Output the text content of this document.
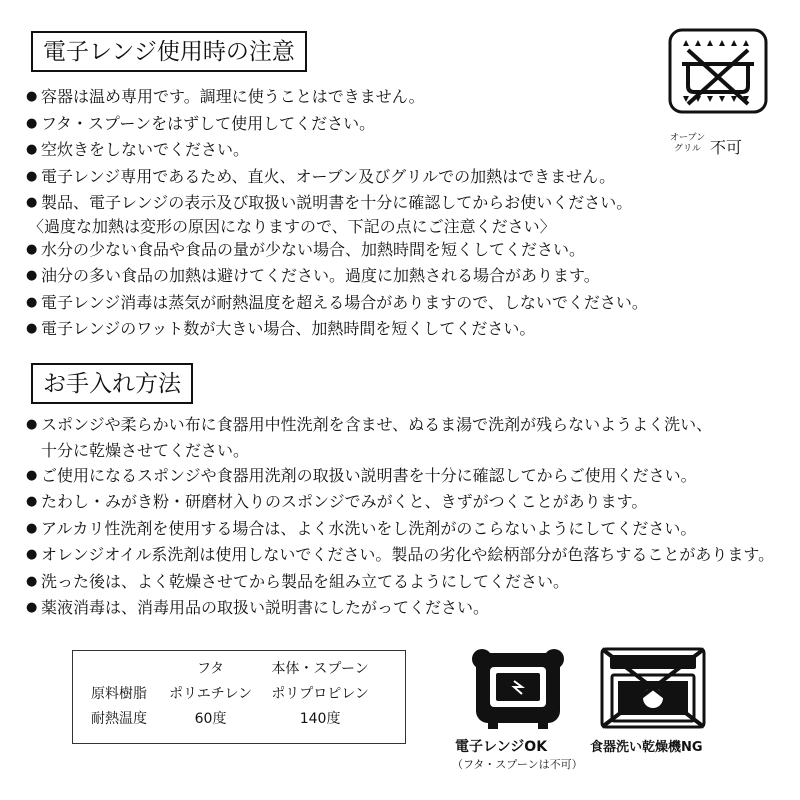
電子レンジ使用時の注意
● 容器は温め専用です。調理に使うことはできません。
● フタ・スプーンをはずして使用してください。
● 空炊きをしないでください。
● 電子レンジ専用であるため、直火、オーブン及びグリルでの加熱はできません。
● 製品、電子レンジの表示及び取扱い説明書を十分に確認してからお使いください。
〈過度な加熱は変形の原因になりますので、下記の点にご注意ください〉
● 水分の少ない食品や食品の量が少ない場合、加熱時間を短くしてください。
● 油分の多い食品の加熱は避けてください。過度に加熱される場合があります。
● 電子レンジ消毒は蒸気が耐熱温度を超える場合がありますので、しないでください。
● 電子レンジのワット数が大きい場合、加熱時間を短くしてください。
オーブン
グリル 不可
お手入れ方法
● スポンジや柔らかい布に食器用中性洗剤を含ませ、ぬるま湯で洗剤が残らないようよく洗い、
十分に乾燥させてください。
● ご使用になるスポンジや食器用洗剤の取扱い説明書を十分に確認してからご使用ください。
● たわし・みがき粉・研磨材入りのスポンジでみがくと、きずがつくことがあります。
● アルカリ性洗剤を使用する場合は、よく水洗いをし洗剤がのこらないようにしてください。
● オレンジオイル系洗剤は使用しないでください。製品の劣化や絵柄部分が色落ちすることがあります。
● 洗った後は、よく乾燥させてから製品を組み立てるようにしてください。
● 薬液消毒は、消毒用品の取扱い説明書にしたがってください。
	フタ	本体・スプーン
原料樹脂	ポリエチレン	ポリプロピレン
耐熱温度	60度	140度
電子レンジOK
（フタ・スプーンは不可）
食器洗い乾燥機NG
